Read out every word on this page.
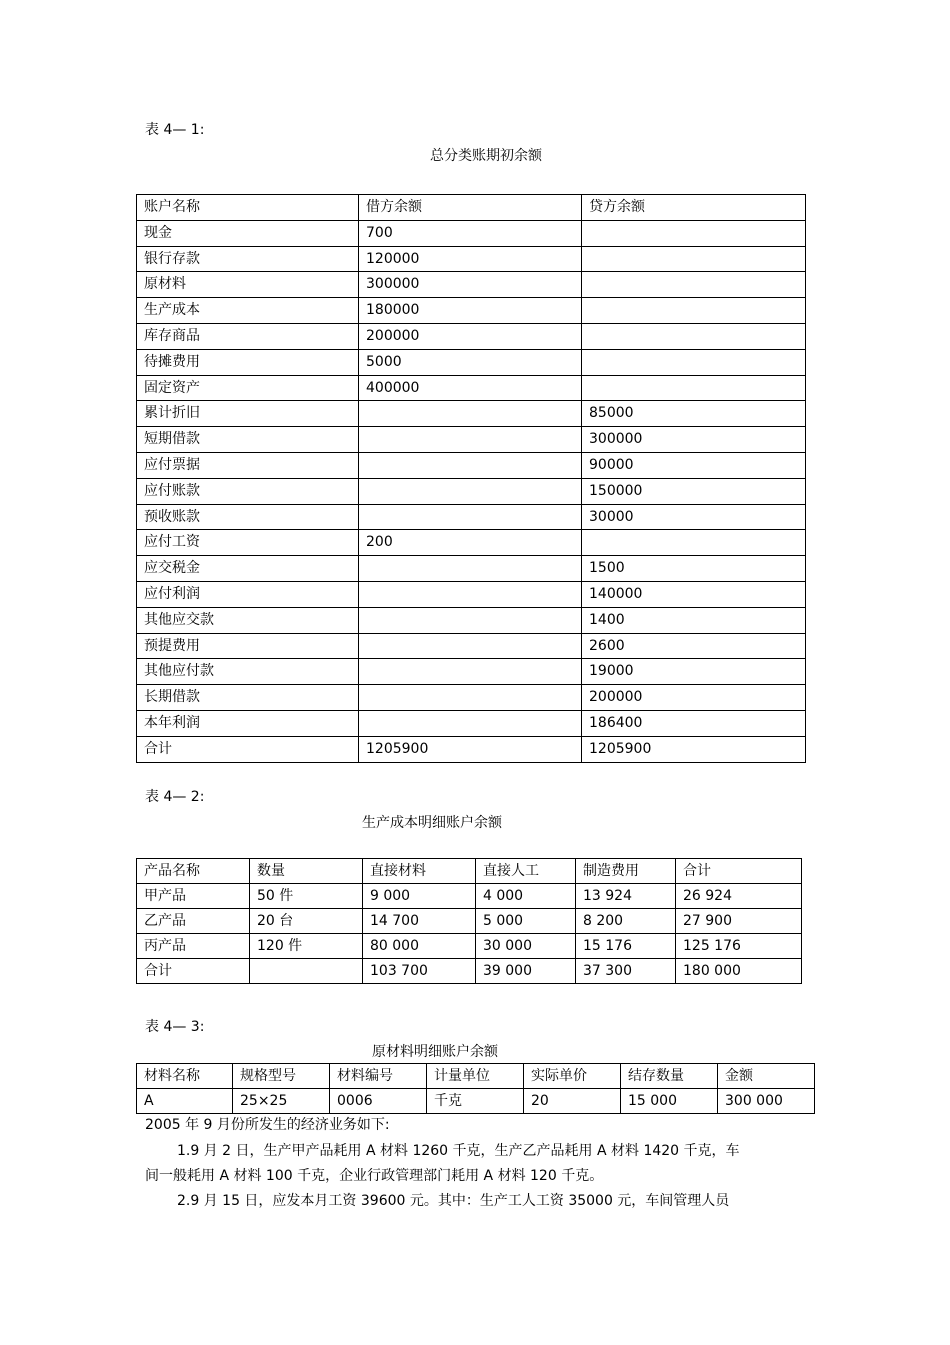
表 4— 1:
总分类账期初余额
账户名称	借方余额	贷方余额
现金	700	
银行存款	120000	
原材料	300000	
生产成本	180000	
库存商品	200000	
待摊费用	5000	
固定资产	400000	
累计折旧		85000
短期借款		300000
应付票据		90000
应付账款		150000
预收账款		30000
应付工资	200	
应交税金		1500
应付利润		140000
其他应交款		1400
预提费用		2600
其他应付款		19000
长期借款		200000
本年利润		186400
合计	1205900	1205900
表 4— 2:
生产成本明细账户余额
产品名称	数量	直接材料	直接人工	制造费用	合计
甲产品	50 件	9 000	4 000	13 924	26 924
乙产品	20 台	14 700	5 000	8 200	27 900
丙产品	120 件	80 000	30 000	15 176	125 176
合计		103 700	39 000	37 300	180 000
表 4— 3:
原材料明细账户余额
材料名称	规格型号	材料编号	计量单位	实际单价	结存数量	金额
A	25×25	0006	千克	20	15 000	300 000
2005 年 9 月份所发生的经济业务如下:
1.9 月 2 日，生产甲产品耗用 A 材料 1260 千克，生产乙产品耗用 A 材料 1420 千克，车
间一般耗用 A 材料 100 千克，企业行政管理部门耗用 A 材料 120 千克。
2.9 月 15 日，应发本月工资 39600 元。其中：生产工人工资 35000 元，车间管理人员
